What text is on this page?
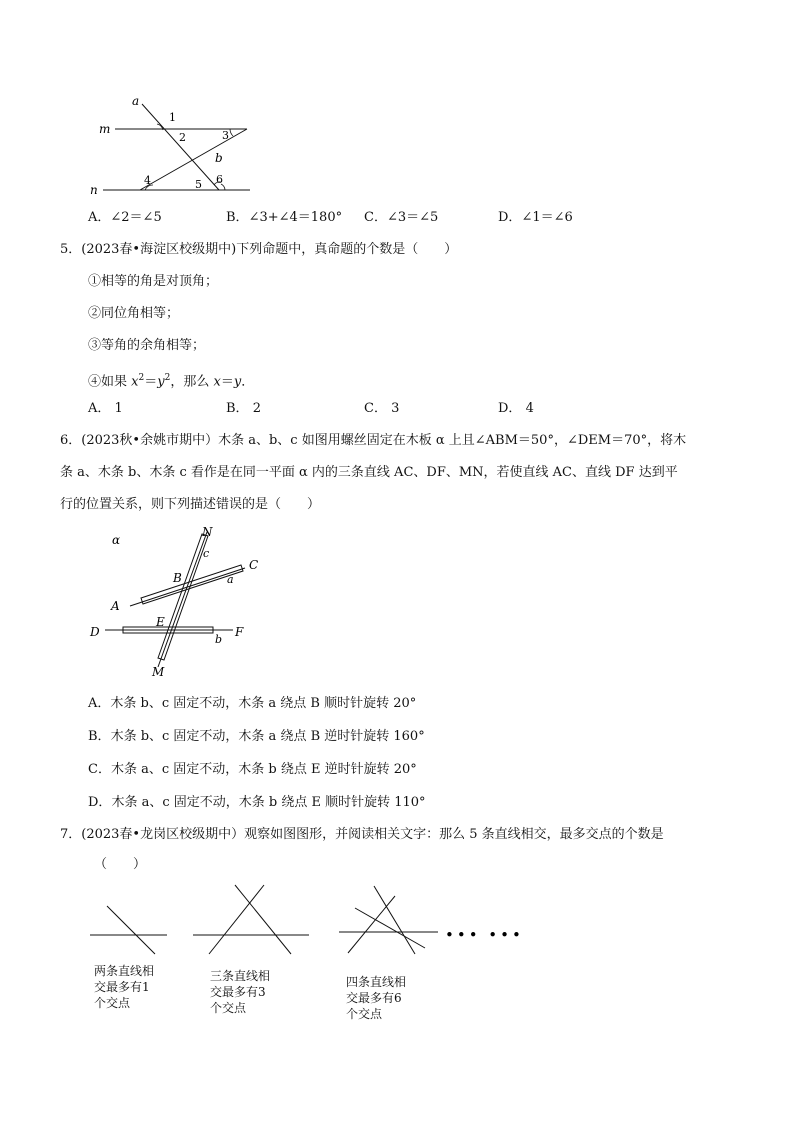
a
m
n
b
1
2	3
4	5 6
A．∠2＝∠5	B．∠3+∠4＝180° C．∠3＝∠5	D．∠1＝∠6
5．(2023春•海淀区校级期中)下列命题中，真命题的个数是（　　）
①相等的角是对顶角；
②同位角相等；
③等角的余角相等；
④如果 $x^2=y^2$，那么 x＝y．
A． 1	B． 2	C． 3	D． 4
6．(2023秋•余姚市期中）木条 a、b、c 如图用螺丝固定在木板 α 上且∠ABM＝50°，∠DEM＝70°，将木
条 a、木条 b、木条 c 看作是在同一平面 α 内的三条直线 AC、DF、MN，若使直线 AC、直线 DF 达到平
行的位置关系，则下列描述错误的是（　　）
α
N
c
C
B	a
A
D
E
F
b
M
A．木条 b、c 固定不动，木条 a 绕点 B 顺时针旋转 20°
B．木条 b、c 固定不动，木条 a 绕点 B 逆时针旋转 160°
C．木条 a、c 固定不动，木条 b 绕点 E 逆时针旋转 20°
D．木条 a、c 固定不动，木条 b 绕点 E 顺时针旋转 110°
7．(2023春•龙岗区校级期中）观察如图图形，并阅读相关文字：那么 5 条直线相交，最多交点的个数是
（　　）
••• •••
两条直线相
交最多有1
个交点
三条直线相
交最多有3
个交点
四条直线相
交最多有6
个交点
